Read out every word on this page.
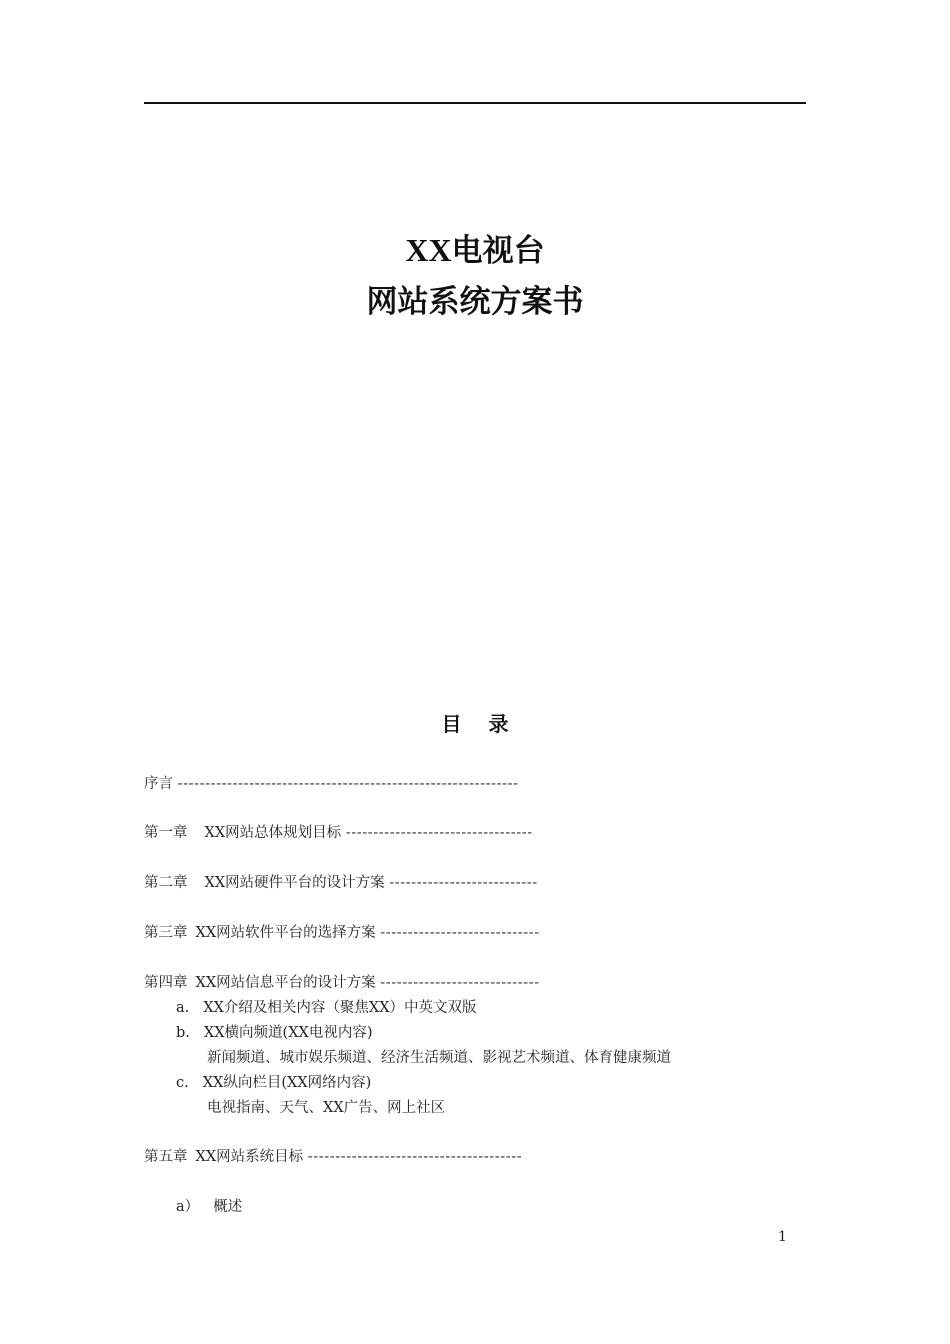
XX电视台
网站系统方案书
目 录
序言 --------------------------------------------------------------
第一章 XX网站总体规划目标 ----------------------------------
第二章 XX网站硬件平台的设计方案 ---------------------------
第三章 XX网站软件平台的选择方案 -----------------------------
第四章 XX网站信息平台的设计方案 -----------------------------
a. XX介绍及相关内容（聚焦XX）中英文双版
b. XX横向频道(XX电视内容)
新闻频道、城市娱乐频道、经济生活频道、影视艺术频道、体育健康频道
c. XX纵向栏目(XX网络内容)
电视指南、天气、XX广告、网上社区
第五章 XX网站系统目标 ---------------------------------------
a） 概述
1
